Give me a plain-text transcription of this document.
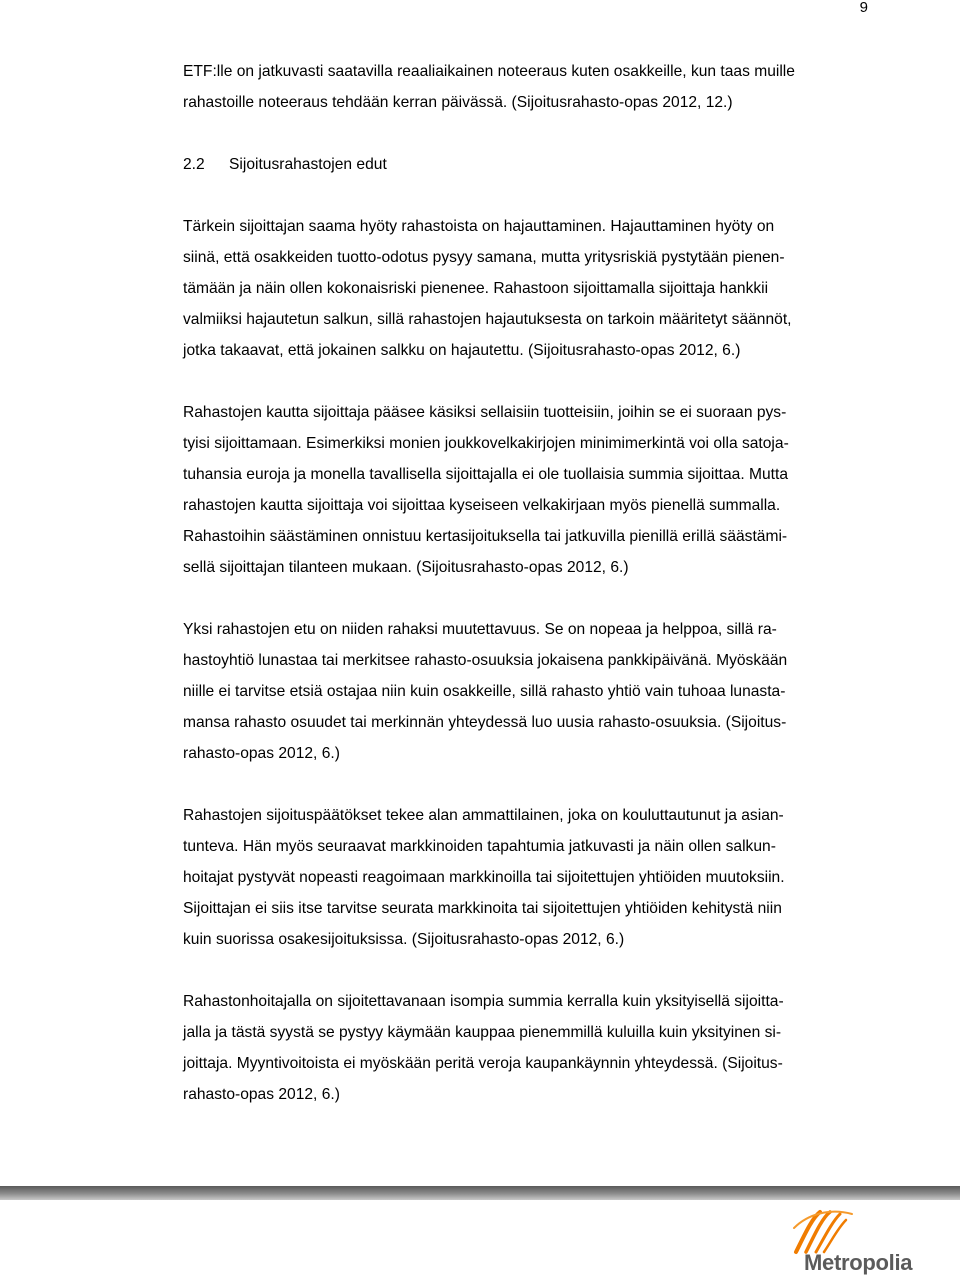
9
ETF:lle on jatkuvasti saatavilla reaaliaikainen noteeraus kuten osakkeille, kun taas muille
rahastoille noteeraus tehdään kerran päivässä. (Sijoitusrahasto-opas 2012, 12.)
2.2 Sijoitusrahastojen edut
Tärkein sijoittajan saama hyöty rahastoista on hajauttaminen. Hajauttaminen hyöty on
siinä, että osakkeiden tuotto-odotus pysyy samana, mutta yritysriskiä pystytään pienen-
tämään ja näin ollen kokonaisriski pienenee. Rahastoon sijoittamalla sijoittaja hankkii
valmiiksi hajautetun salkun, sillä rahastojen hajautuksesta on tarkoin määritetyt säännöt,
jotka takaavat, että jokainen salkku on hajautettu. (Sijoitusrahasto-opas 2012, 6.)
Rahastojen kautta sijoittaja pääsee käsiksi sellaisiin tuotteisiin, joihin se ei suoraan pys-
tyisi sijoittamaan. Esimerkiksi monien joukkovelkakirjojen minimimerkintä voi olla satoja-
tuhansia euroja ja monella tavallisella sijoittajalla ei ole tuollaisia summia sijoittaa. Mutta
rahastojen kautta sijoittaja voi sijoittaa kyseiseen velkakirjaan myös pienellä summalla.
Rahastoihin säästäminen onnistuu kertasijoituksella tai jatkuvilla pienillä erillä säästämi-
sellä sijoittajan tilanteen mukaan. (Sijoitusrahasto-opas 2012, 6.)
Yksi rahastojen etu on niiden rahaksi muutettavuus. Se on nopeaa ja helppoa, sillä ra-
hastoyhtiö lunastaa tai merkitsee rahasto-osuuksia jokaisena pankkipäivänä. Myöskään
niille ei tarvitse etsiä ostajaa niin kuin osakkeille, sillä rahasto yhtiö vain tuhoaa lunasta-
mansa rahasto osuudet tai merkinnän yhteydessä luo uusia rahasto-osuuksia. (Sijoitus-
rahasto-opas 2012, 6.)
Rahastojen sijoituspäätökset tekee alan ammattilainen, joka on kouluttautunut ja asian-
tunteva. Hän myös seuraavat markkinoiden tapahtumia jatkuvasti ja näin ollen salkun-
hoitajat pystyvät nopeasti reagoimaan markkinoilla tai sijoitettujen yhtiöiden muutoksiin.
Sijoittajan ei siis itse tarvitse seurata markkinoita tai sijoitettujen yhtiöiden kehitystä niin
kuin suorissa osakesijoituksissa. (Sijoitusrahasto-opas 2012, 6.)
Rahastonhoitajalla on sijoitettavanaan isompia summia kerralla kuin yksityisellä sijoitta-
jalla ja tästä syystä se pystyy käymään kauppaa pienemmillä kuluilla kuin yksityinen si-
joittaja. Myyntivoitoista ei myöskään peritä veroja kaupankäynnin yhteydessä. (Sijoitus-
rahasto-opas 2012, 6.)
Metropolia
